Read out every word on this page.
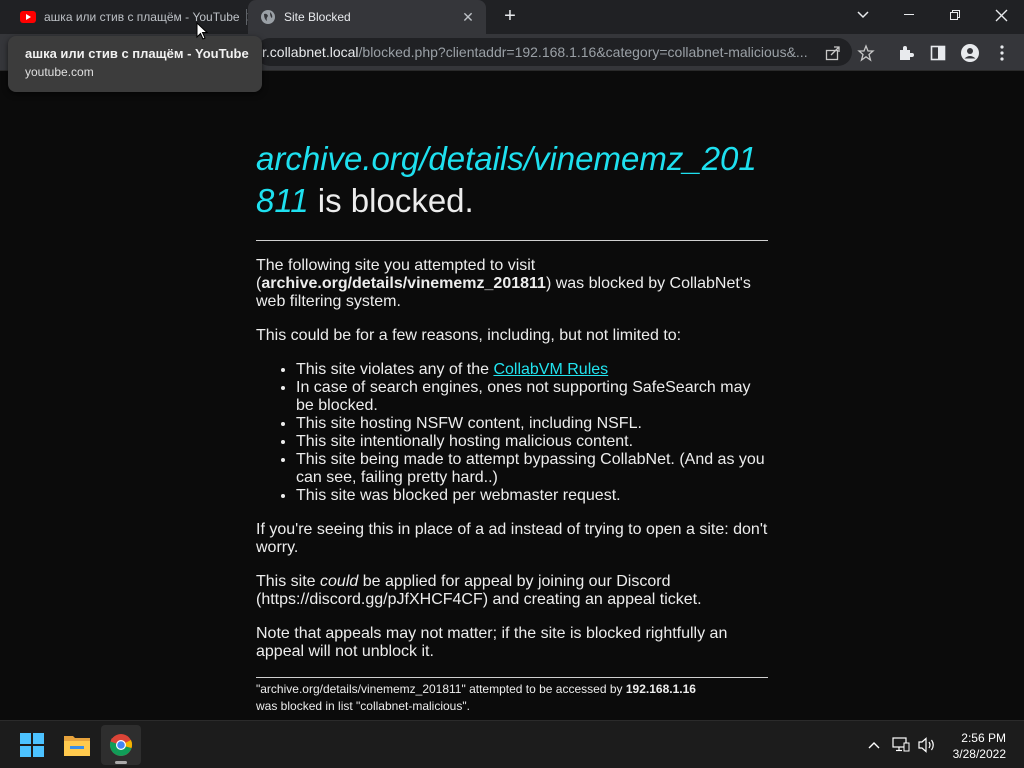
ашка или стив с плащём - YouTube	Site Blocked	✕	+
r.collabnet.local/blocked.php?clientaddr=192.168.1.16&category=collabnet-malicious&...
archive.org/details/vinememz_201811 is blocked.

The following site you attempted to visit (archive.org/details/vinememz_201811) was blocked by CollabNet's web filtering system.

This could be for a few reasons, including, but not limited to:

• This site violates any of the CollabVM Rules
• In case of search engines, ones not supporting SafeSearch may be blocked.
• This site hosting NSFW content, including NSFL.
• This site intentionally hosting malicious content.
• This site being made to attempt bypassing CollabNet. (And as you can see, failing pretty hard..)
• This site was blocked per webmaster request.

If you're seeing this in place of a ad instead of trying to open a site: don't worry.

This site could be applied for appeal by joining our Discord (https://discord.gg/pJfXHCF4CF) and creating an appeal ticket.

Note that appeals may not matter; if the site is blocked rightfully an appeal will not unblock it.

"archive.org/details/vinememz_201811" attempted to be accessed by 192.168.1.16
was blocked in list "collabnet-malicious".
ашка или стив с плащём - YouTube
youtube.com
2:56 PM
3/28/2022
